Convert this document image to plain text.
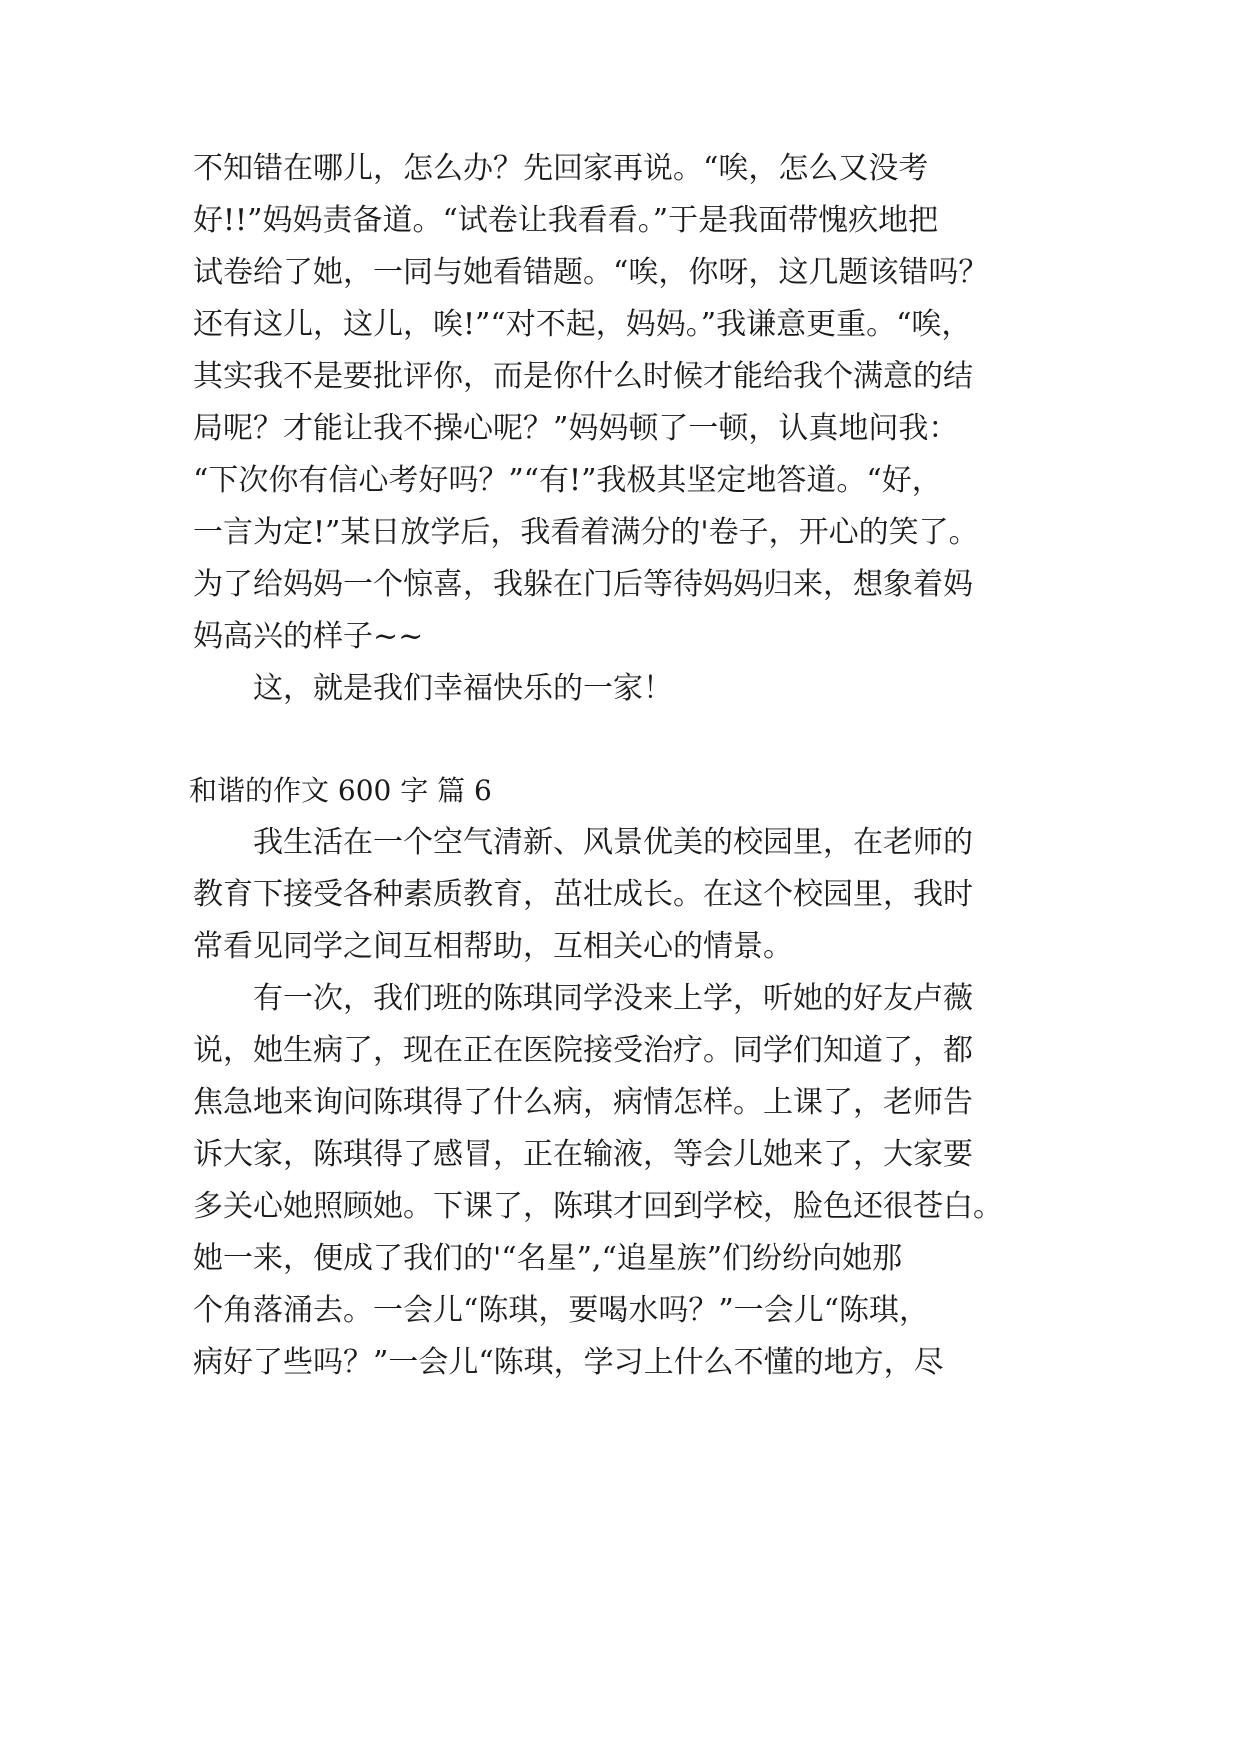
不知错在哪儿，怎么办？先回家再说。“唉，怎么又没考
好!!”妈妈责备道。“试卷让我看看。”于是我面带愧疚地把
试卷给了她，一同与她看错题。“唉，你呀，这几题该错吗？
还有这儿，这儿，唉!”“对不起，妈妈。”我谦意更重。“唉，
其实我不是要批评你，而是你什么时候才能给我个满意的结
局呢？才能让我不操心呢？”妈妈顿了一顿，认真地问我：
“下次你有信心考好吗？”“有!”我极其坚定地答道。“好，
一言为定!”某日放学后，我看着满分的'卷子，开心的笑了。
为了给妈妈一个惊喜，我躲在门后等待妈妈归来，想象着妈
妈高兴的样子~~
这，就是我们幸福快乐的一家！
和谐的作文 600 字 篇 6
我生活在一个空气清新、风景优美的校园里，在老师的
教育下接受各种素质教育，茁壮成长。在这个校园里，我时
常看见同学之间互相帮助，互相关心的情景。
有一次，我们班的陈琪同学没来上学，听她的好友卢薇
说，她生病了，现在正在医院接受治疗。同学们知道了，都
焦急地来询问陈琪得了什么病，病情怎样。上课了，老师告
诉大家，陈琪得了感冒，正在输液，等会儿她来了，大家要
多关心她照顾她。下课了，陈琪才回到学校，脸色还很苍白。
她一来，便成了我们的'“名星”,“追星族”们纷纷向她那
个角落涌去。一会儿“陈琪，要喝水吗？”一会儿“陈琪，
病好了些吗？”一会儿“陈琪，学习上什么不懂的地方，尽
